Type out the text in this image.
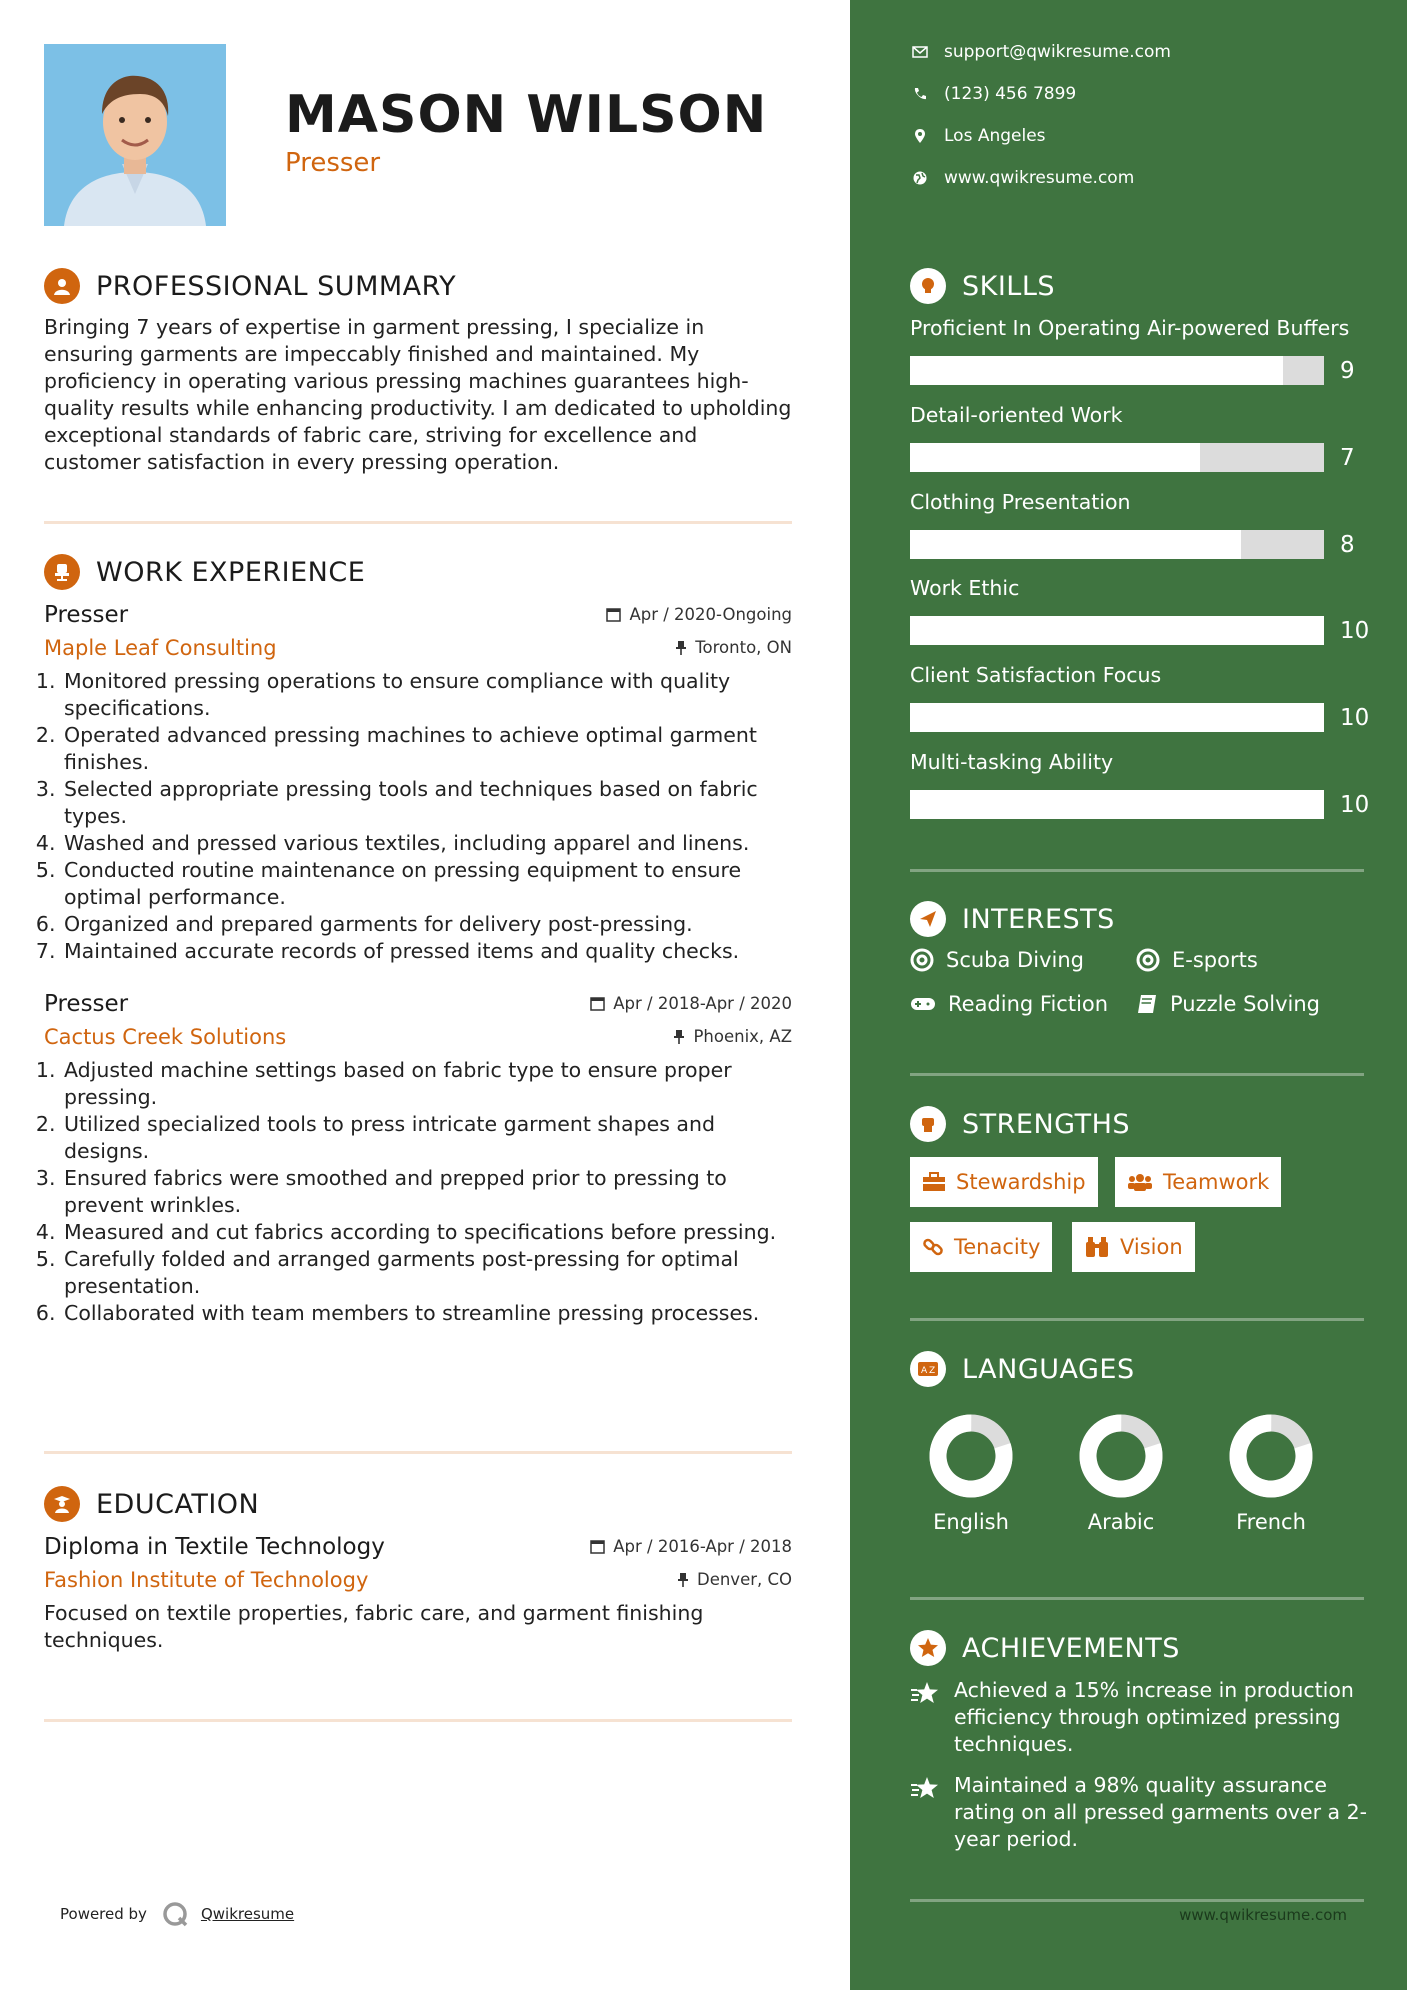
MASON WILSON
Presser
PROFESSIONAL SUMMARY
Bringing 7 years of expertise in garment pressing, I specialize in ensuring garments are impeccably finished and maintained. My proficiency in operating various pressing machines guarantees high-quality results while enhancing productivity. I am dedicated to upholding exceptional standards of fabric care, striving for excellence and customer satisfaction in every pressing operation.
WORK EXPERIENCE
Presser	Apr / 2020-Ongoing
Maple Leaf Consulting	Toronto, ON
1. Monitored pressing operations to ensure compliance with quality specifications.
2. Operated advanced pressing machines to achieve optimal garment finishes.
3. Selected appropriate pressing tools and techniques based on fabric types.
4. Washed and pressed various textiles, including apparel and linens.
5. Conducted routine maintenance on pressing equipment to ensure optimal performance.
6. Organized and prepared garments for delivery post-pressing.
7. Maintained accurate records of pressed items and quality checks.
Presser	Apr / 2018-Apr / 2020
Cactus Creek Solutions	Phoenix, AZ
1. Adjusted machine settings based on fabric type to ensure proper pressing.
2. Utilized specialized tools to press intricate garment shapes and designs.
3. Ensured fabrics were smoothed and prepped prior to pressing to prevent wrinkles.
4. Measured and cut fabrics according to specifications before pressing.
5. Carefully folded and arranged garments post-pressing for optimal presentation.
6. Collaborated with team members to streamline pressing processes.
EDUCATION
Diploma in Textile Technology	Apr / 2016-Apr / 2018
Fashion Institute of Technology	Denver, CO
Focused on textile properties, fabric care, and garment finishing techniques.
Powered by	Qwikresume
support@qwikresume.com
(123) 456 7899
Los Angeles
www.qwikresume.com
SKILLS
Proficient In Operating Air-powered Buffers
9
Detail-oriented Work
7
Clothing Presentation
8
Work Ethic
10
Client Satisfaction Focus
10
Multi-tasking Ability
10
INTERESTS
Scuba Diving	E-sports
Reading Fiction	Puzzle Solving
STRENGTHS
Stewardship	Teamwork
Tenacity	Vision
A Z LANGUAGES
English	Arabic	French
ACHIEVEMENTS
Achieved a 15% increase in production efficiency through optimized pressing techniques.
Maintained a 98% quality assurance rating on all pressed garments over a 2-year period.
www.qwikresume.com
